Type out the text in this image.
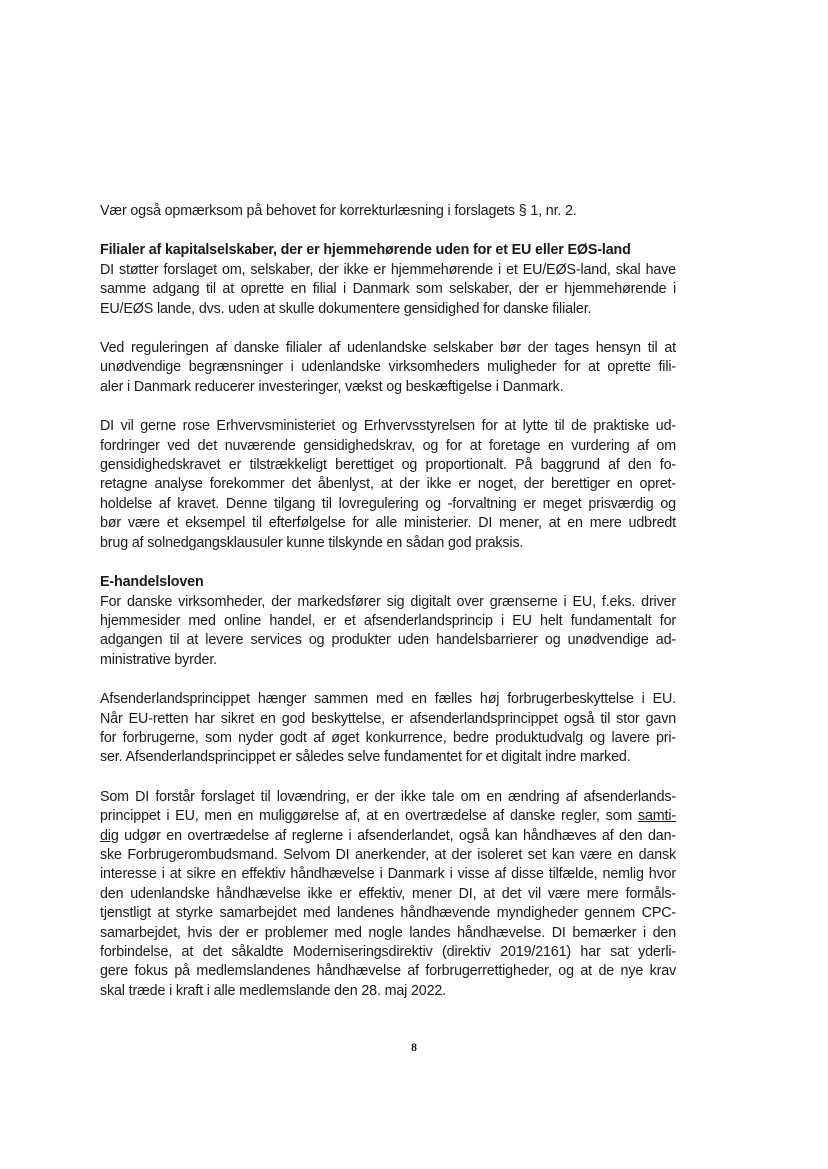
Vær også opmærksom på behovet for korrekturlæsning i forslagets § 1, nr. 2.

Filialer af kapitalselskaber, der er hjemmehørende uden for et EU eller EØS-land

DI støtter forslaget om, selskaber, der ikke er hjemmehørende i et EU/EØS-land, skal have
samme adgang til at oprette en filial i Danmark som selskaber, der er hjemmehørende i
EU/EØS lande, dvs. uden at skulle dokumentere gensidighed for danske filialer.

Ved reguleringen af danske filialer af udenlandske selskaber bør der tages hensyn til at
unødvendige begrænsninger i udenlandske virksomheders muligheder for at oprette fili-
aler i Danmark reducerer investeringer, vækst og beskæftigelse i Danmark.

DI vil gerne rose Erhvervsministeriet og Erhvervsstyrelsen for at lytte til de praktiske ud-
fordringer ved det nuværende gensidighedskrav, og for at foretage en vurdering af om
gensidighedskravet er tilstrækkeligt berettiget og proportionalt. På baggrund af den fo-
retagne analyse forekommer det åbenlyst, at der ikke er noget, der berettiger en opret-
holdelse af kravet. Denne tilgang til lovregulering og -forvaltning er meget prisværdig og
bør være et eksempel til efterfølgelse for alle ministerier. DI mener, at en mere udbredt
brug af solnedgangsklausuler kunne tilskynde en sådan god praksis.

E-handelsloven

For danske virksomheder, der markedsfører sig digitalt over grænserne i EU, f.eks. driver
hjemmesider med online handel, er et afsenderlandsprincip i EU helt fundamentalt for
adgangen til at levere services og produkter uden handelsbarrierer og unødvendige ad-
ministrative byrder.

Afsenderlandsprincippet hænger sammen med en fælles høj forbrugerbeskyttelse i EU.
Når EU-retten har sikret en god beskyttelse, er afsenderlandsprincippet også til stor gavn
for forbrugerne, som nyder godt af øget konkurrence, bedre produktudvalg og lavere pri-
ser. Afsenderlandsprincippet er således selve fundamentet for et digitalt indre marked.

Som DI forstår forslaget til lovændring, er der ikke tale om en ændring af afsenderlands-
princippet i EU, men en muliggørelse af, at en overtrædelse af danske regler, som samti-
dig udgør en overtrædelse af reglerne i afsenderlandet, også kan håndhæves af den dan-
ske Forbrugerombudsmand. Selvom DI anerkender, at der isoleret set kan være en dansk
interesse i at sikre en effektiv håndhævelse i Danmark i visse af disse tilfælde, nemlig hvor
den udenlandske håndhævelse ikke er effektiv, mener DI, at det vil være mere formåls-
tjenstligt at styrke samarbejdet med landenes håndhævende myndigheder gennem CPC-
samarbejdet, hvis der er problemer med nogle landes håndhævelse. DI bemærker i den
forbindelse, at det såkaldte Moderniseringsdirektiv (direktiv 2019/2161) har sat yderli-
gere fokus på medlemslandenes håndhævelse af forbrugerrettigheder, og at de nye krav
skal træde i kraft i alle medlemslande den 28. maj 2022.

8
